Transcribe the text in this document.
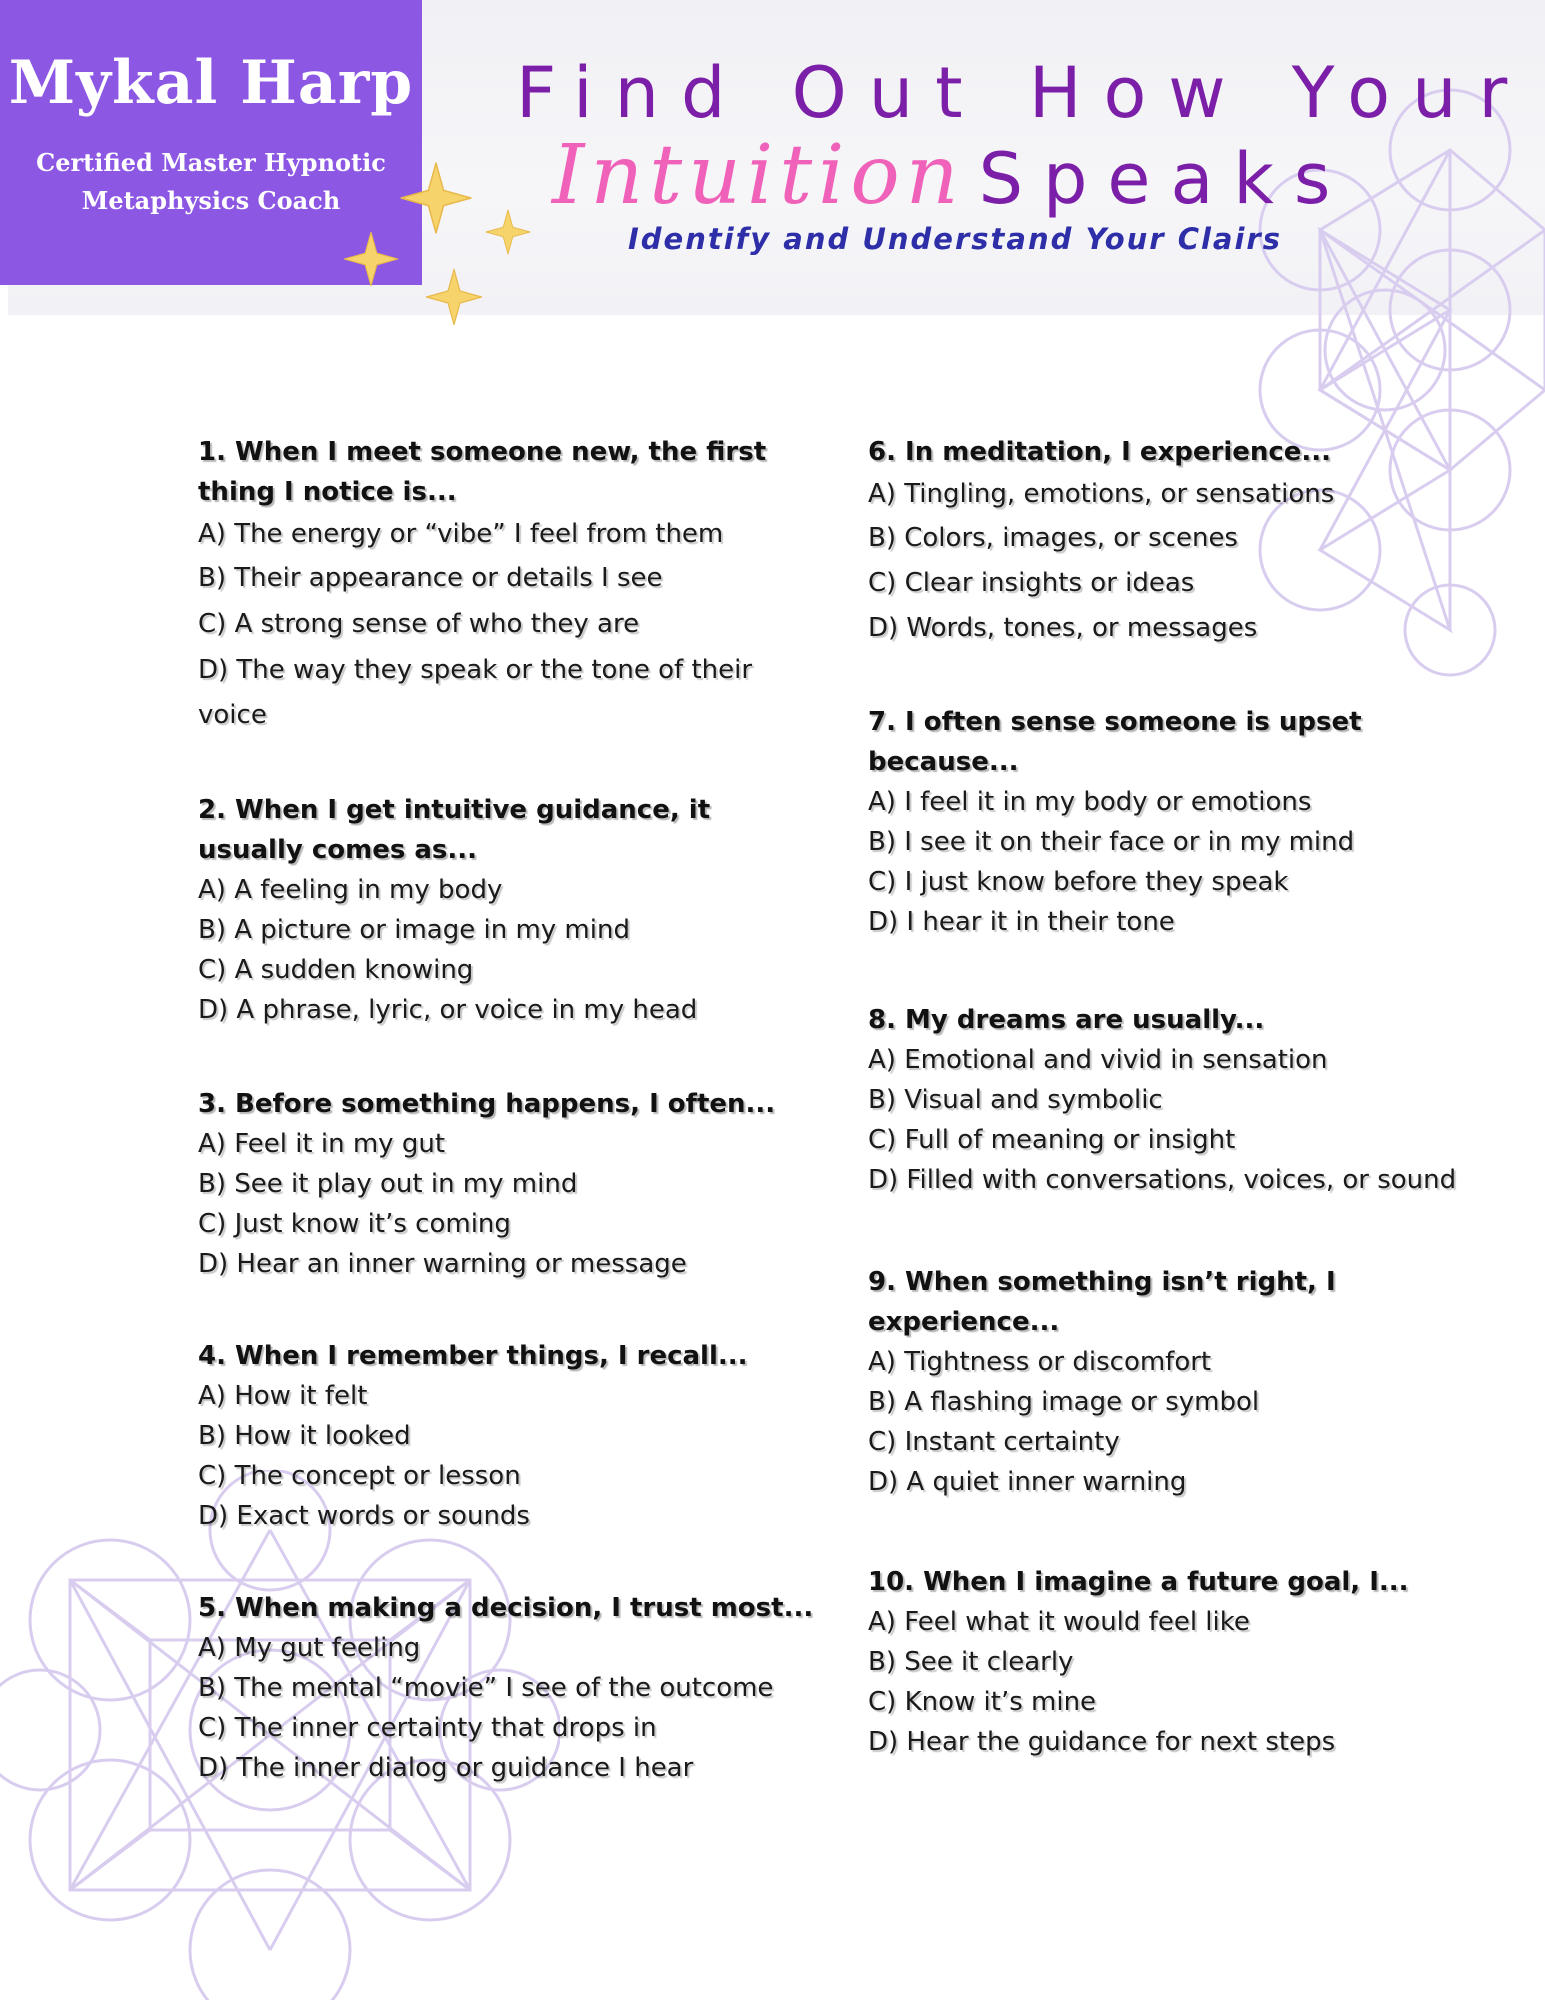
Mykal Harp
Certified Master Hypnotic
Metaphysics Coach
Find Out How Your
Intuition Speaks
Identify and Understand Your Clairs
1. When I meet someone new, the first thing I notice is...
A) The energy or “vibe” I feel from them
B) Their appearance or details I see
C) A strong sense of who they are
D) The way they speak or the tone of their voice
2. When I get intuitive guidance, it usually comes as...
A) A feeling in my body
B) A picture or image in my mind
C) A sudden knowing
D) A phrase, lyric, or voice in my head
3. Before something happens, I often...
A) Feel it in my gut
B) See it play out in my mind
C) Just know it’s coming
D) Hear an inner warning or message
4. When I remember things, I recall...
A) How it felt
B) How it looked
C) The concept or lesson
D) Exact words or sounds
5. When making a decision, I trust most...
A) My gut feeling
B) The mental “movie” I see of the outcome
C) The inner certainty that drops in
D) The inner dialog or guidance I hear
6. In meditation, I experience...
A) Tingling, emotions, or sensations
B) Colors, images, or scenes
C) Clear insights or ideas
D) Words, tones, or messages
7. I often sense someone is upset because...
A) I feel it in my body or emotions
B) I see it on their face or in my mind
C) I just know before they speak
D) I hear it in their tone
8. My dreams are usually...
A) Emotional and vivid in sensation
B) Visual and symbolic
C) Full of meaning or insight
D) Filled with conversations, voices, or sound
9. When something isn’t right, I experience...
A) Tightness or discomfort
B) A flashing image or symbol
C) Instant certainty
D) A quiet inner warning
10. When I imagine a future goal, I...
A) Feel what it would feel like
B) See it clearly
C) Know it’s mine
D) Hear the guidance for next steps
